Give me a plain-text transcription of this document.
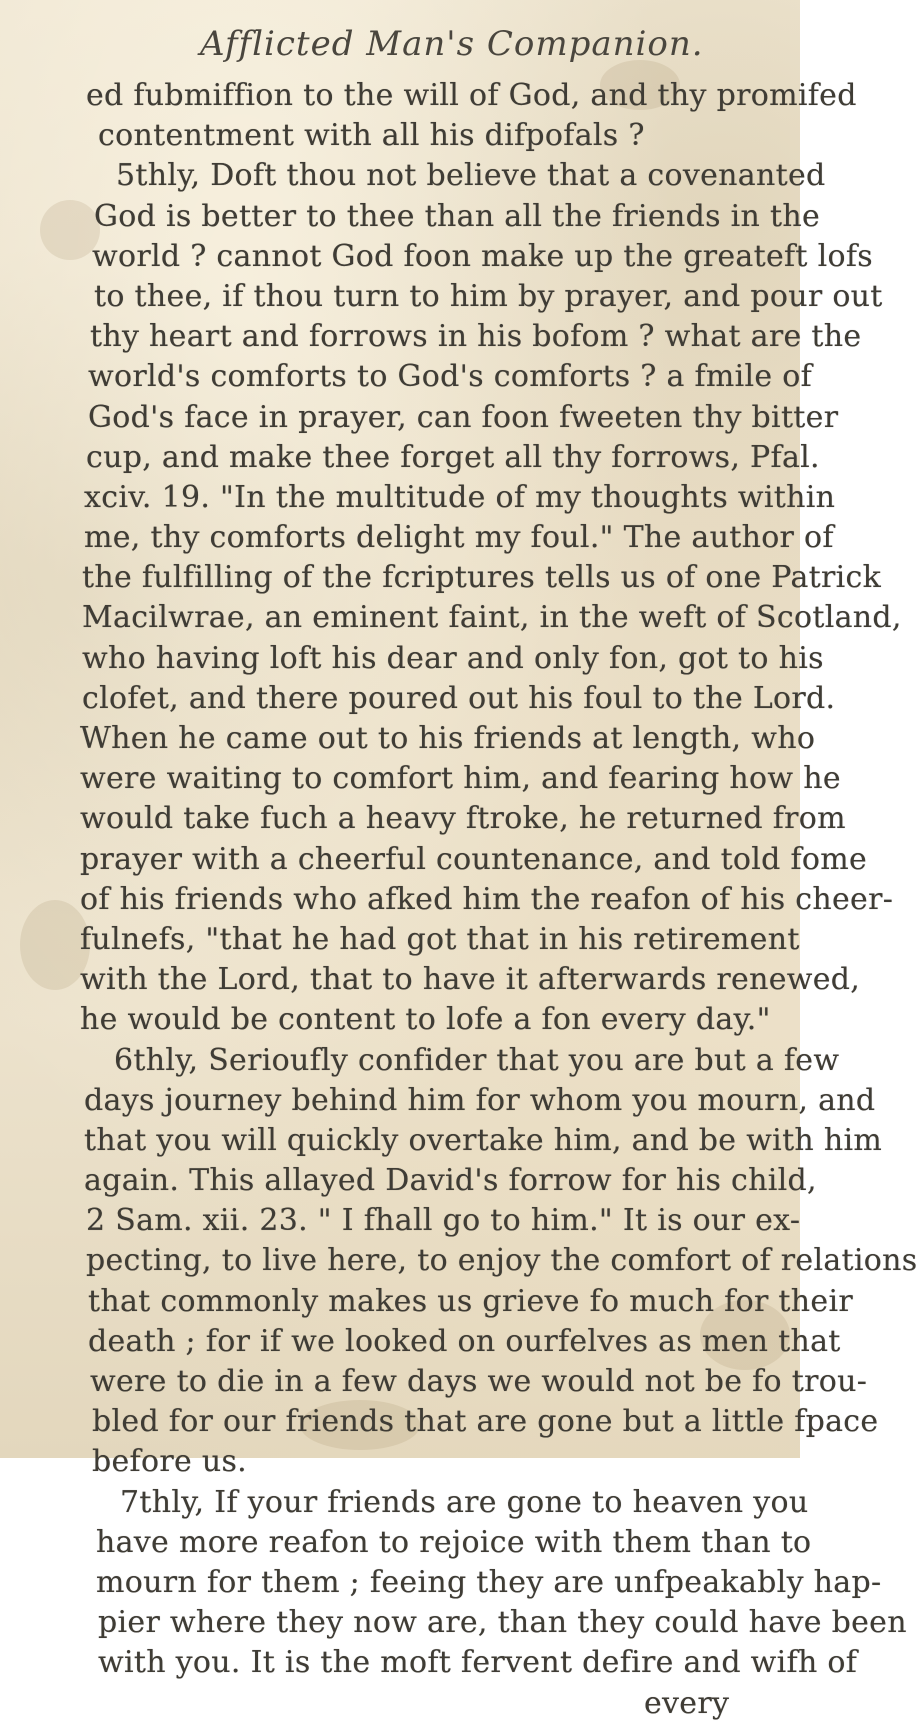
Afflicted Man's Companion.
ed fubmiffion to the will of God, and thy promifed
contentment with all his difpofals ?
5thly, Doft thou not believe that a covenanted
God is better to thee than all the friends in the
world ? cannot God foon make up the greateft lofs
to thee, if thou turn to him by prayer, and pour out
thy heart and forrows in his bofom ? what are the
world's comforts to God's comforts ? a fmile of
God's face in prayer, can foon fweeten thy bitter
cup, and make thee forget all thy forrows, Pfal.
xciv. 19. "In the multitude of my thoughts within
me, thy comforts delight my foul." The author of
the fulfilling of the fcriptures tells us of one Patrick
Macilwrae, an eminent faint, in the weft of Scotland,
who having loft his dear and only fon, got to his
clofet, and there poured out his foul to the Lord.
When he came out to his friends at length, who
were waiting to comfort him, and fearing how he
would take fuch a heavy ftroke, he returned from
prayer with a cheerful countenance, and told fome
of his friends who afked him the reafon of his cheer-
fulnefs, "that he had got that in his retirement
with the Lord, that to have it afterwards renewed,
he would be content to lofe a fon every day."
6thly, Serioufly confider that you are but a few
days journey behind him for whom you mourn, and
that you will quickly overtake him, and be with him
again. This allayed David's forrow for his child,
2 Sam. xii. 23. " I fhall go to him." It is our ex-
pecting, to live here, to enjoy the comfort of relations
that commonly makes us grieve fo much for their
death ; for if we looked on ourfelves as men that
were to die in a few days we would not be fo trou-
bled for our friends that are gone but a little fpace
before us.
7thly, If your friends are gone to heaven you
have more reafon to rejoice with them than to
mourn for them ; feeing they are unfpeakably hap-
pier where they now are, than they could have been
with you. It is the moft fervent defire and wifh of
every
